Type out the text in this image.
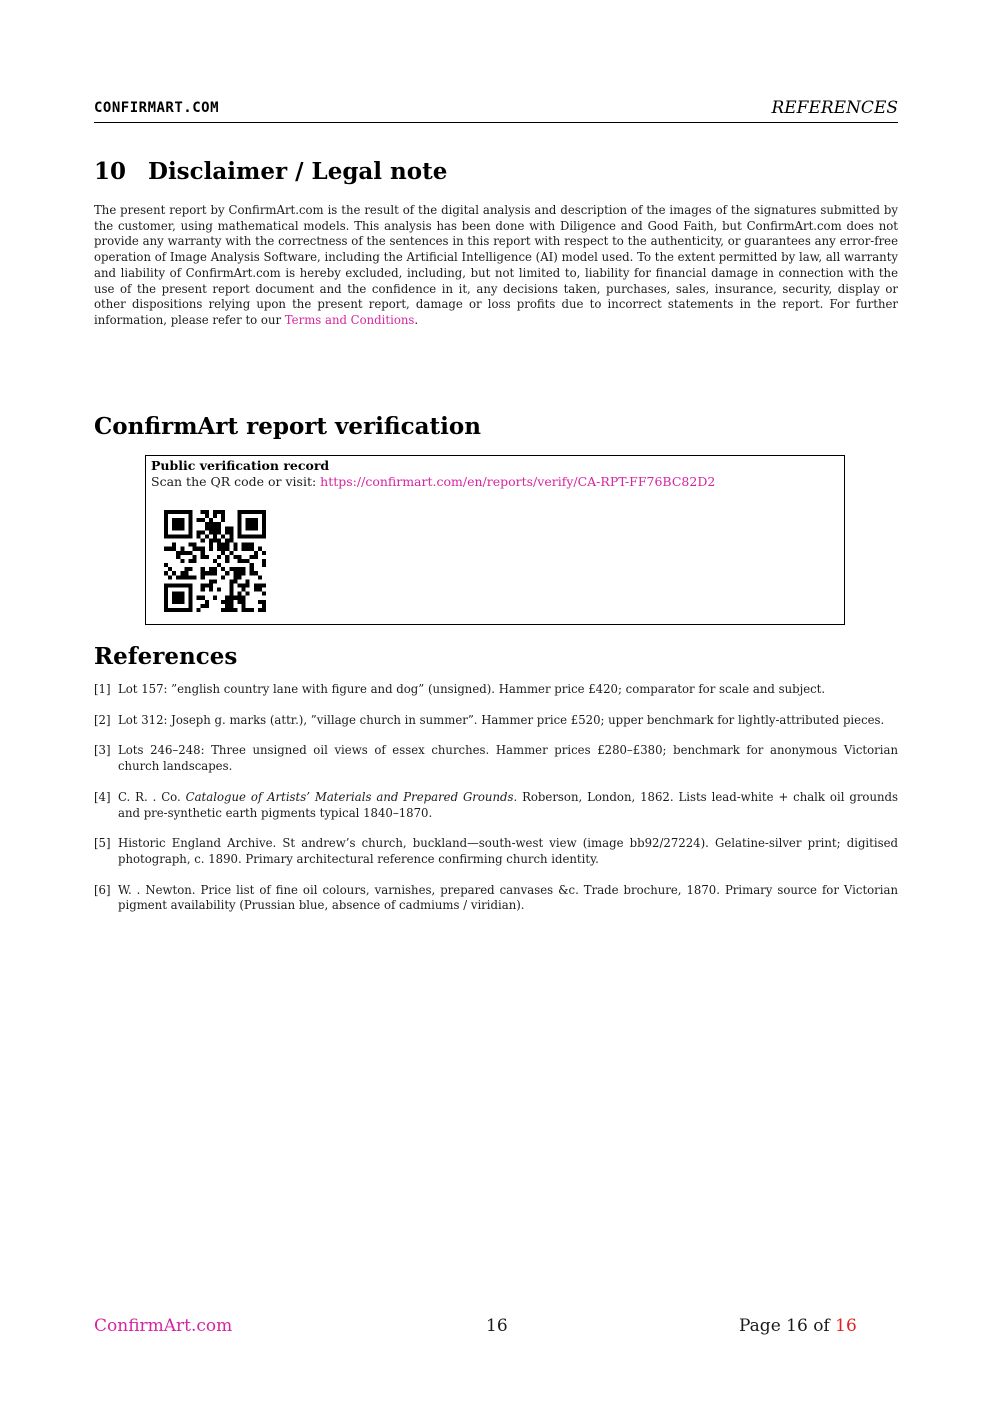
CONFIRMART.COM	REFERENCES
10 Disclaimer / Legal note

The present report by ConfirmArt.com is the result of the digital analysis and description of the images of the signatures submitted by the customer, using mathematical models. This analysis has been done with Diligence and Good Faith, but ConfirmArt.com does not provide any warranty with the correctness of the sentences in this report with respect to the authenticity, or guarantees any error-free operation of Image Analysis Software, including the Artificial Intelligence (AI) model used. To the extent permitted by law, all warranty and liability of ConfirmArt.com is hereby excluded, including, but not limited to, liability for financial damage in connection with the use of the present report document and the confidence in it, any decisions taken, purchases, sales, insurance, security, display or other dispositions relying upon the present report, damage or loss profits due to incorrect statements in the report. For further information, please refer to our Terms and Conditions.

ConfirmArt report verification
Public verification record
Scan the QR code or visit: https://confirmart.com/en/reports/verify/CA-RPT-FF76BC82D2
References
[1] Lot 157: ”english country lane with figure and dog” (unsigned). Hammer price £420; comparator for scale and subject.
[2] Lot 312: Joseph g. marks (attr.), ”village church in summer”. Hammer price £520; upper benchmark for lightly-attributed pieces.
[3] Lots 246–248: Three unsigned oil views of essex churches. Hammer prices £280–£380; benchmark for anonymous Victorian church landscapes.
[4] C. R. . Co. Catalogue of Artists’ Materials and Prepared Grounds. Roberson, London, 1862. Lists lead-white + chalk oil grounds and pre-synthetic earth pigments typical 1840–1870.
[5] Historic England Archive. St andrew’s church, buckland—south-west view (image bb92/27224). Gelatine-silver print; digitised photograph, c. 1890. Primary architectural reference confirming church identity.
[6] W. . Newton. Price list of fine oil colours, varnishes, prepared canvases &c. Trade brochure, 1870. Primary source for Victorian pigment availability (Prussian blue, absence of cadmiums / viridian).
ConfirmArt.com	16	Page 16 of 16
